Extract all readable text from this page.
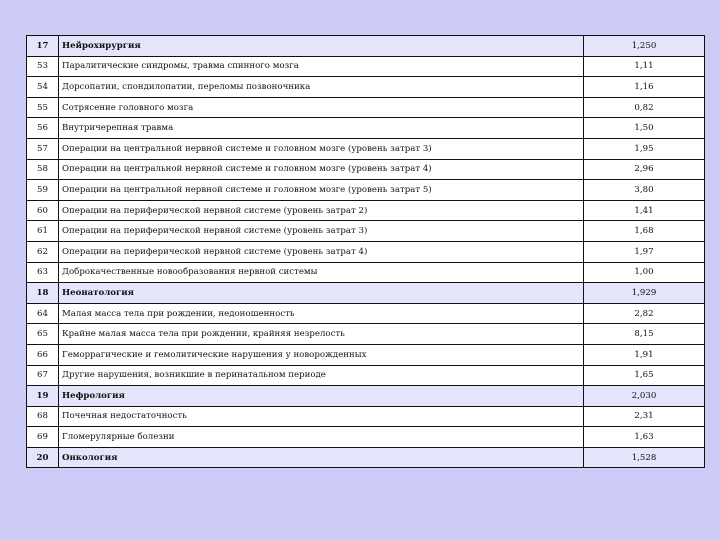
17	Нейрохирургия	1,250
53	Паралитические синдромы, травма спинного мозга	1,11
54	Дорсопатии, спондилопатии, переломы позвоночника	1,16
55	Сотрясение головного мозга	0,82
56	Внутричерепная травма	1,50
57	Операции на центральной нервной системе и головном мозге (уровень затрат 3)	1,95
58	Операции на центральной нервной системе и головном мозге (уровень затрат 4)	2,96
59	Операции на центральной нервной системе и головном мозге (уровень затрат 5)	3,80
60	Операции на периферической нервной системе (уровень затрат 2)	1,41
61	Операции на периферической нервной системе (уровень затрат 3)	1,68
62	Операции на периферической нервной системе (уровень затрат 4)	1,97
63	Доброкачественные новообразования нервной системы	1,00
18	Неонатология	1,929
64	Малая масса тела при рождении, недоношенность	2,82
65	Крайне малая масса тела при рождении, крайняя незрелость	8,15
66	Геморрагические и гемолитические нарушения у новорожденных	1,91
67	Другие нарушения, возникшие в перинатальном периоде	1,65
19	Нефрология	2,030
68	Почечная недостаточность	2,31
69	Гломерулярные болезни	1,63
20	Онкология	1,528
